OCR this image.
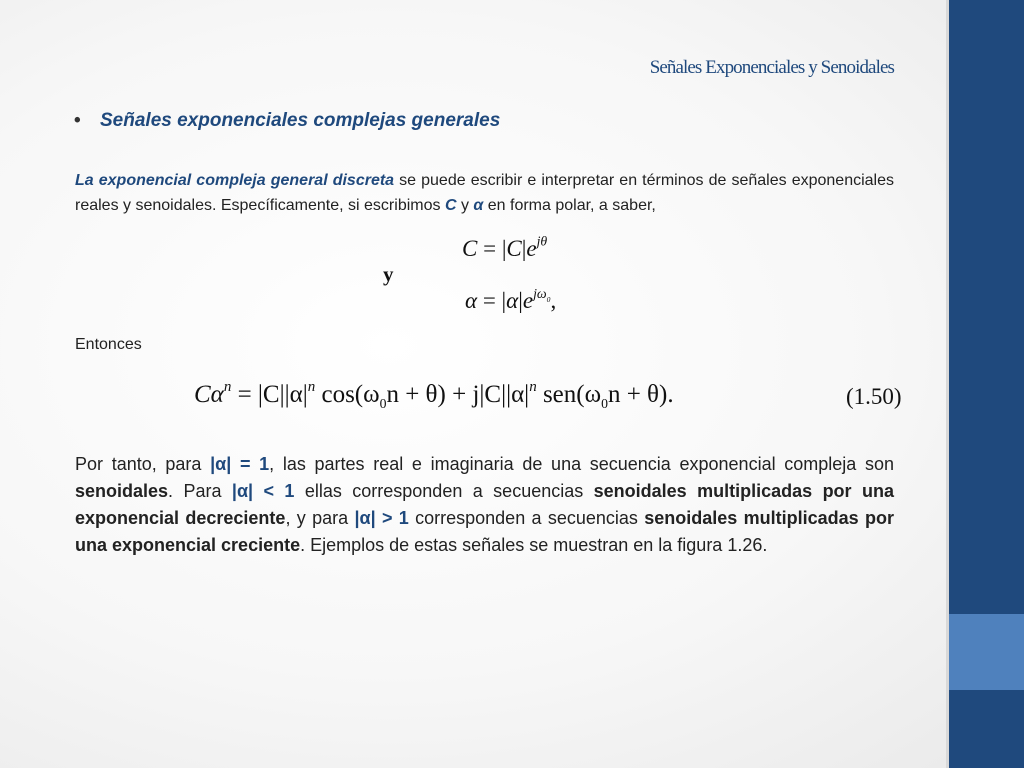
Señales Exponenciales y Senoidales
• Señales exponenciales complejas generales
La exponencial compleja general discreta se puede escribir e interpretar en términos de señales exponenciales reales y senoidales. Específicamente, si escribimos C y α en forma polar, a saber,
y
$C = |C|e^{j\theta}$
$\alpha = |\alpha|e^{j\omega_0}$,
Entonces
$C\alpha^n = |C||\alpha|^n$ $\cos(\omega_0n + \theta) + j|C||\alpha|^n$ $sen(\omega_0n + \theta)$.	(1.50)
Por tanto, para |α| = 1, las partes real e imaginaria de una secuencia exponencial compleja son senoidales. Para |α| < 1 ellas corresponden a secuencias senoidales multiplicadas por una exponencial decreciente, y para |α| > 1 corresponden a secuencias senoidales multiplicadas por una exponencial creciente. Ejemplos de estas señales se muestran en la figura 1.26.
